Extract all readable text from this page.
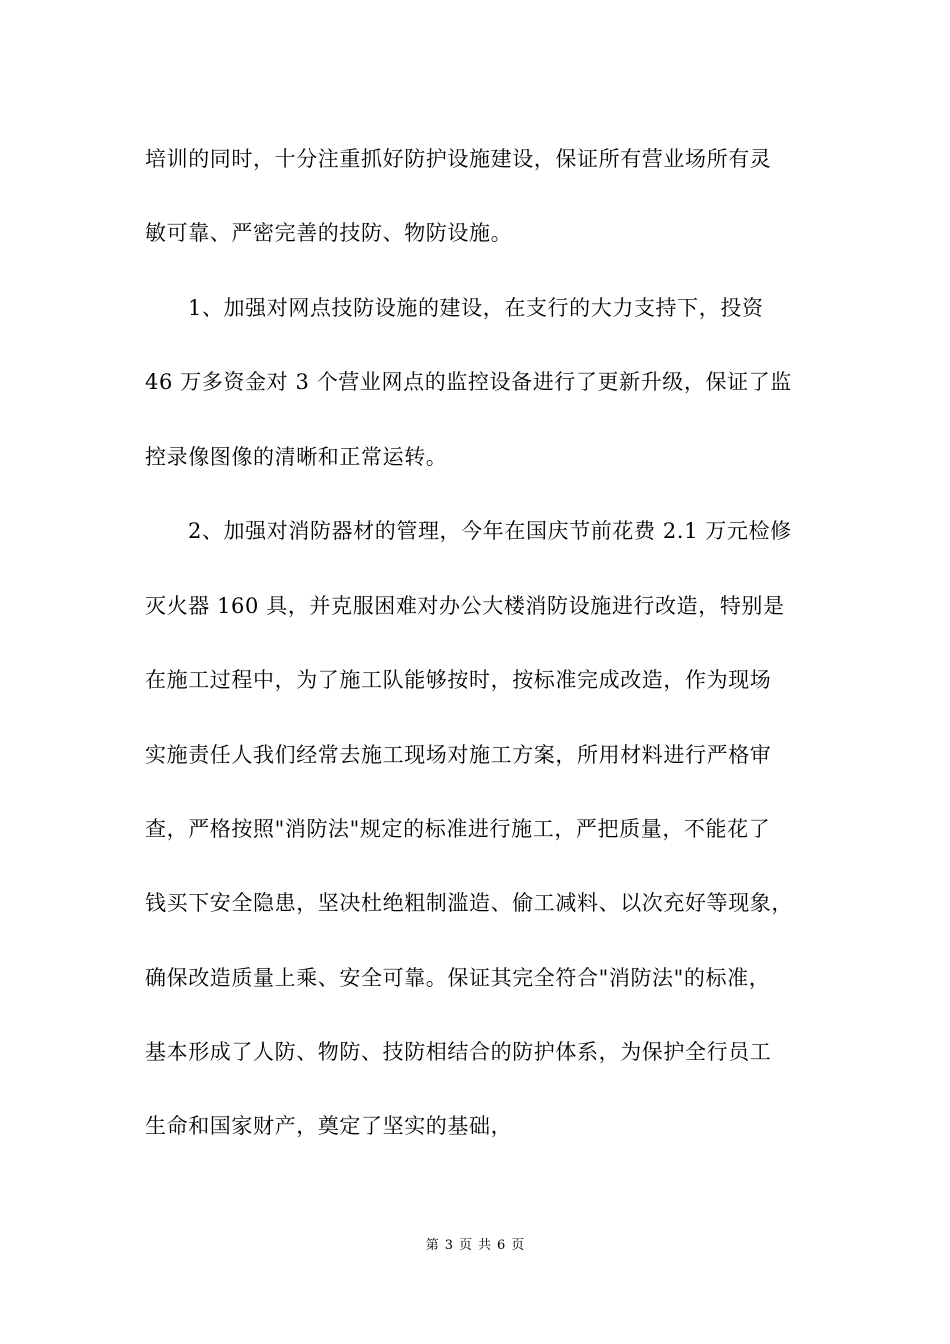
培训的同时，十分注重抓好防护设施建设，保证所有营业场所有灵
敏可靠、严密完善的技防、物防设施。
1、加强对网点技防设施的建设，在支行的大力支持下，投资
46 万多资金对 3 个营业网点的监控设备进行了更新升级，保证了监
控录像图像的清晰和正常运转。
2、加强对消防器材的管理，今年在国庆节前花费 2.1 万元检修
灭火器 160 具，并克服困难对办公大楼消防设施进行改造，特别是
在施工过程中，为了施工队能够按时，按标准完成改造，作为现场
实施责任人我们经常去施工现场对施工方案，所用材料进行严格审
查，严格按照"消防法"规定的标准进行施工，严把质量，不能花了
钱买下安全隐患，坚决杜绝粗制滥造、偷工减料、以次充好等现象，
确保改造质量上乘、安全可靠。保证其完全符合"消防法"的标准，
基本形成了人防、物防、技防相结合的防护体系，为保护全行员工
生命和国家财产，奠定了坚实的基础，
第 3 页 共 6 页
